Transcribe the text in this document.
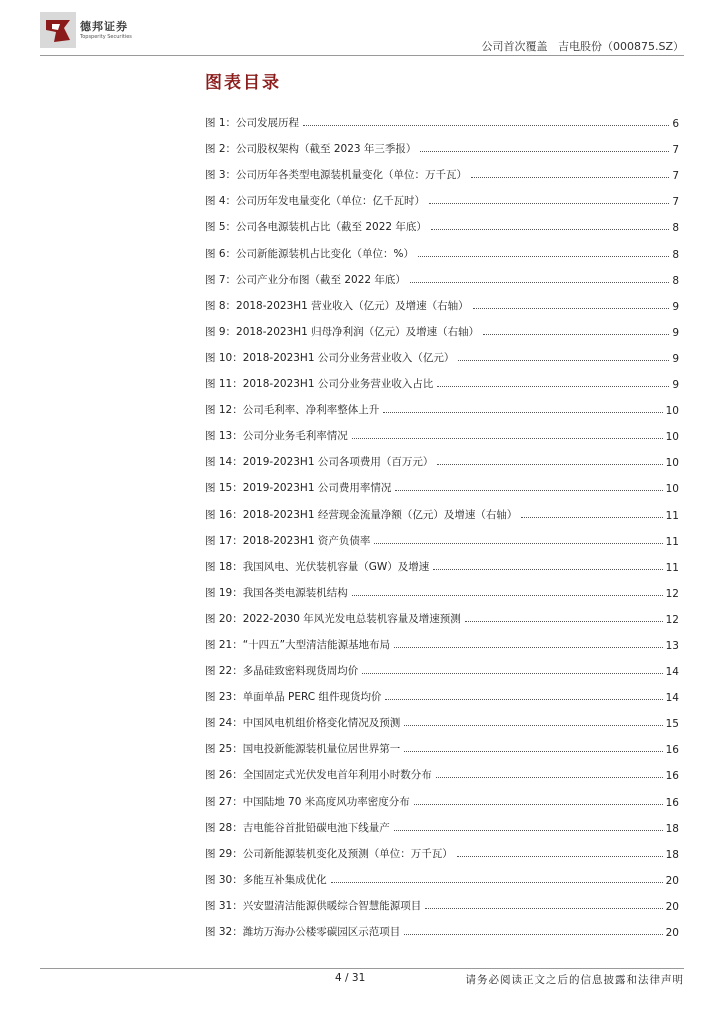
德邦证券
Topsperity Securities
公司首次覆盖 吉电股份（000875.SZ）
图表目录
图 1：公司发展历程	6
图 2：公司股权架构（截至 2023 年三季报）	7
图 3：公司历年各类型电源装机量变化（单位：万千瓦）	7
图 4：公司历年发电量变化（单位：亿千瓦时）	7
图 5：公司各电源装机占比（截至 2022 年底）	8
图 6：公司新能源装机占比变化（单位：%）	8
图 7：公司产业分布图（截至 2022 年底）	8
图 8：2018-2023H1 营业收入（亿元）及增速（右轴）	9
图 9：2018-2023H1 归母净利润（亿元）及增速（右轴）	9
图 10：2018-2023H1 公司分业务营业收入（亿元）	9
图 11：2018-2023H1 公司分业务营业收入占比	9
图 12：公司毛利率、净利率整体上升	10
图 13：公司分业务毛利率情况	10
图 14：2019-2023H1 公司各项费用（百万元）	10
图 15：2019-2023H1 公司费用率情况	10
图 16：2018-2023H1 经营现金流量净额（亿元）及增速（右轴）	11
图 17：2018-2023H1 资产负债率	11
图 18：我国风电、光伏装机容量（GW）及增速	11
图 19：我国各类电源装机结构	12
图 20：2022-2030 年风光发电总装机容量及增速预测	12
图 21：“十四五”大型清洁能源基地布局	13
图 22：多晶硅致密料现货周均价	14
图 23：单面单晶 PERC 组件现货均价	14
图 24：中国风电机组价格变化情况及预测	15
图 25：国电投新能源装机量位居世界第一	16
图 26：全国固定式光伏发电首年利用小时数分布	16
图 27：中国陆地 70 米高度风功率密度分布	16
图 28：吉电能谷首批铅碳电池下线量产	18
图 29：公司新能源装机变化及预测（单位：万千瓦）	18
图 30：多能互补集成优化	20
图 31：兴安盟清洁能源供暖综合智慧能源项目	20
图 32：潍坊万海办公楼零碳园区示范项目	20
4 / 31	请务必阅读正文之后的信息披露和法律声明
